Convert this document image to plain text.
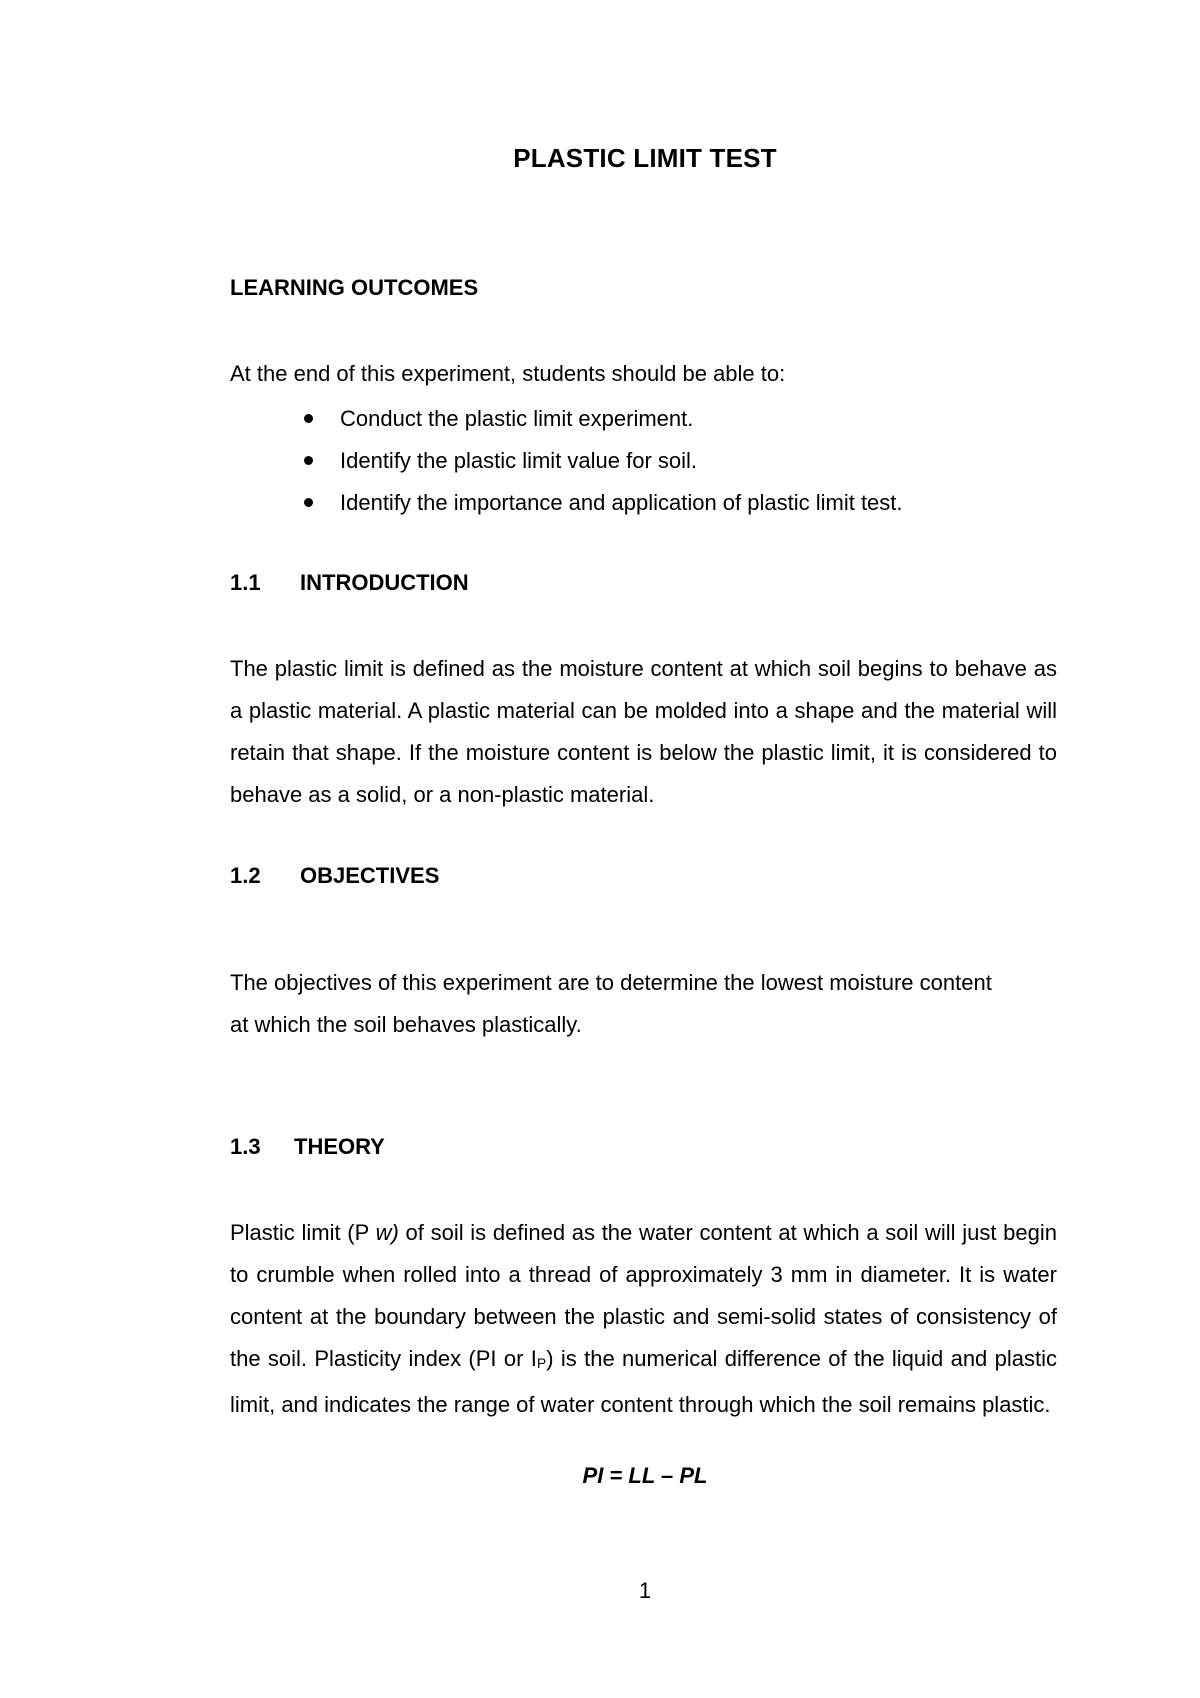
PLASTIC LIMIT TEST
LEARNING OUTCOMES

At the end of this experiment, students should be able to:

Conduct the plastic limit experiment.
Identify the plastic limit value for soil.
Identify the importance and application of plastic limit test.
1.1 INTRODUCTION

The plastic limit is defined as the moisture content at which soil begins to behave as a plastic material. A plastic material can be molded into a shape and the material will retain that shape. If the moisture content is below the plastic limit, it is considered to behave as a solid, or a non-plastic material.

1.2 OBJECTIVES

The objectives of this experiment are to determine the lowest moisture content at which the soil behaves plastically.

1.3 THEORY

Plastic limit (P w) of soil is defined as the water content at which a soil will just begin to crumble when rolled into a thread of approximately 3 mm in diameter. It is water content at the boundary between the plastic and semi-solid states of consistency of the soil. Plasticity index (PI or $I_P$) is the numerical difference of the liquid and plastic limit, and indicates the range of water content through which the soil remains plastic.

PI = LL – PL

1
